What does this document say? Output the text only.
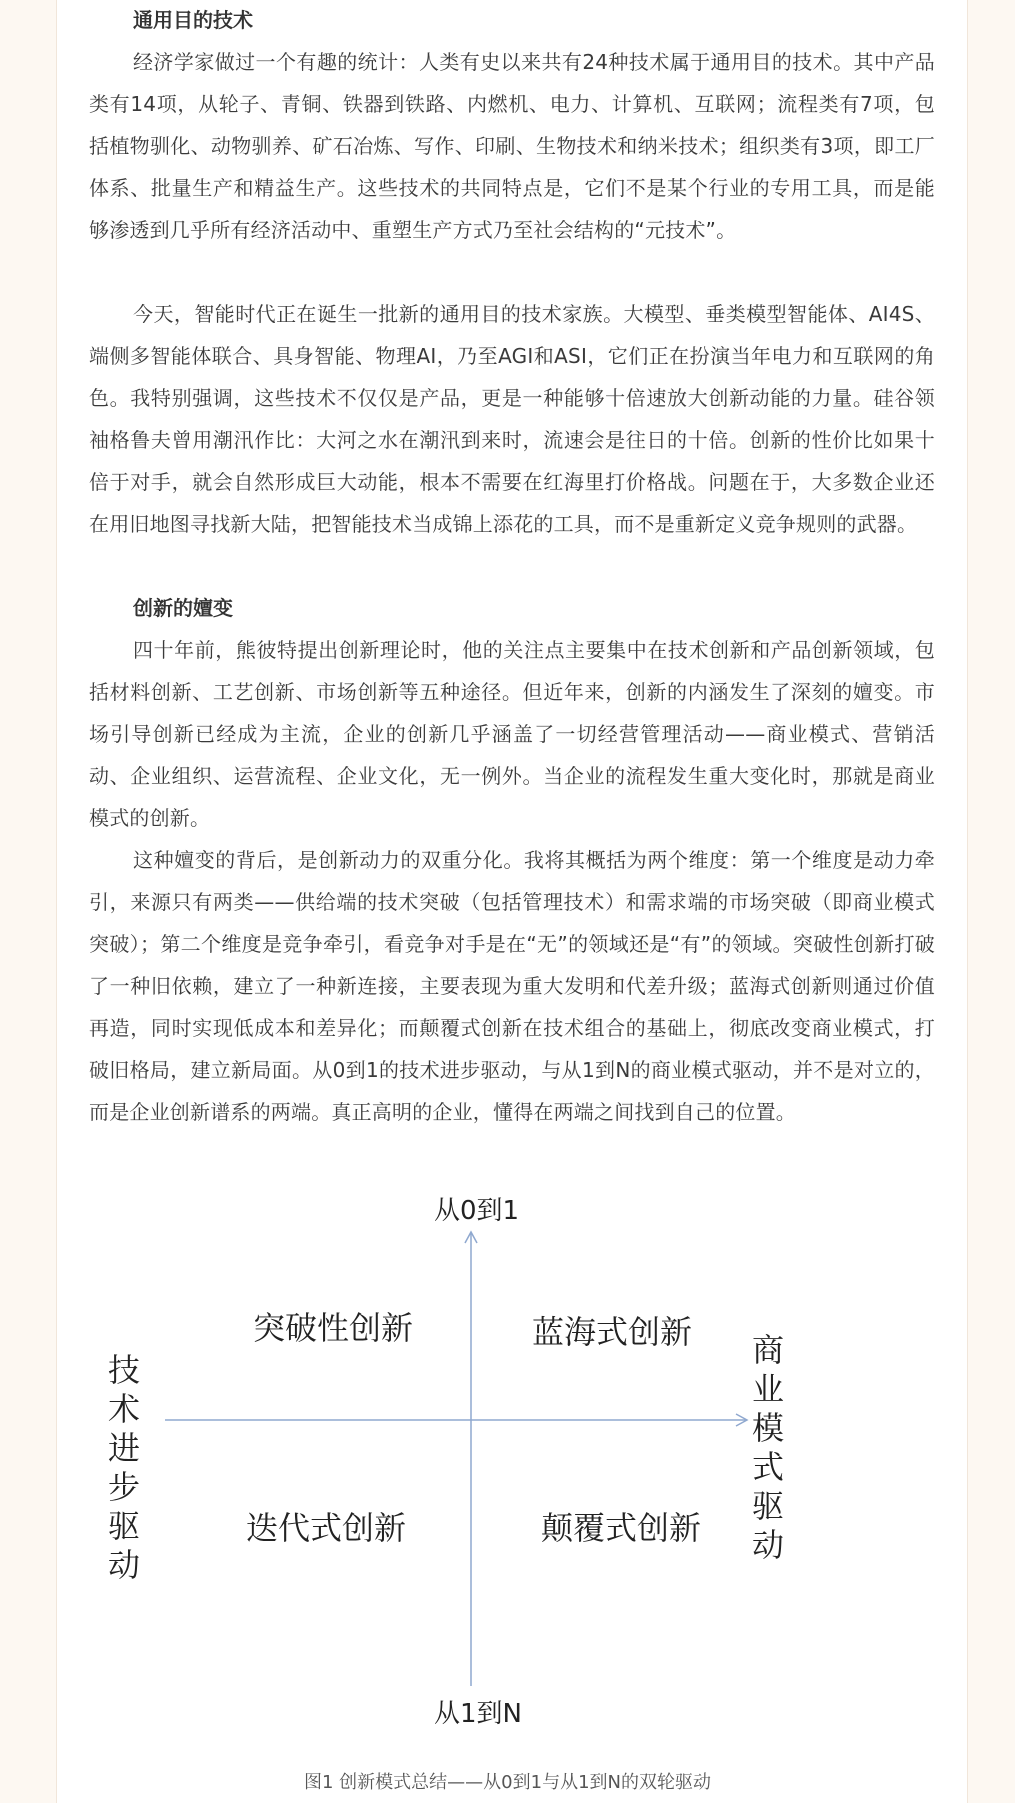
通用目的技术

经济学家做过一个有趣的统计：人类有史以来共有24种技术属于通用目的技术。其中产品类有14项，从轮子、青铜、铁器到铁路、内燃机、电力、计算机、互联网；流程类有7项，包括植物驯化、动物驯养、矿石冶炼、写作、印刷、生物技术和纳米技术；组织类有3项，即工厂体系、批量生产和精益生产。这些技术的共同特点是，它们不是某个行业的专用工具，而是能够渗透到几乎所有经济活动中、重塑生产方式乃至社会结构的“元技术”。

今天，智能时代正在诞生一批新的通用目的技术家族。大模型、垂类模型智能体、AI4S、端侧多智能体联合、具身智能、物理AI，乃至AGI和ASI，它们正在扮演当年电力和互联网的角色。我特别强调，这些技术不仅仅是产品，更是一种能够十倍速放大创新动能的力量。硅谷领袖格鲁夫曾用潮汛作比：大河之水在潮汛到来时，流速会是往日的十倍。创新的性价比如果十倍于对手，就会自然形成巨大动能，根本不需要在红海里打价格战。问题在于，大多数企业还在用旧地图寻找新大陆，把智能技术当成锦上添花的工具，而不是重新定义竞争规则的武器。

创新的嬗变

四十年前，熊彼特提出创新理论时，他的关注点主要集中在技术创新和产品创新领域，包括材料创新、工艺创新、市场创新等五种途径。但近年来，创新的内涵发生了深刻的嬗变。市场引导创新已经成为主流，企业的创新几乎涵盖了一切经营管理活动——商业模式、营销活动、企业组织、运营流程、企业文化，无一例外。当企业的流程发生重大变化时，那就是商业模式的创新。

这种嬗变的背后，是创新动力的双重分化。我将其概括为两个维度：第一个维度是动力牵引，来源只有两类——供给端的技术突破（包括管理技术）和需求端的市场突破（即商业模式突破）；第二个维度是竞争牵引，看竞争对手是在“无”的领域还是“有”的领域。突破性创新打破了一种旧依赖，建立了一种新连接，主要表现为重大发明和代差升级；蓝海式创新则通过价值再造，同时实现低成本和差异化；而颠覆式创新在技术组合的基础上，彻底改变商业模式，打破旧格局，建立新局面。从0到1的技术进步驱动，与从1到N的商业模式驱动，并不是对立的，而是企业创新谱系的两端。真正高明的企业，懂得在两端之间找到自己的位置。

从0到1
从1到N
技术进步驱动
商业模式驱动
突破性创新	蓝海式创新
迭代式创新	颠覆式创新
图1 创新模式总结——从0到1与从1到N的双轮驱动
